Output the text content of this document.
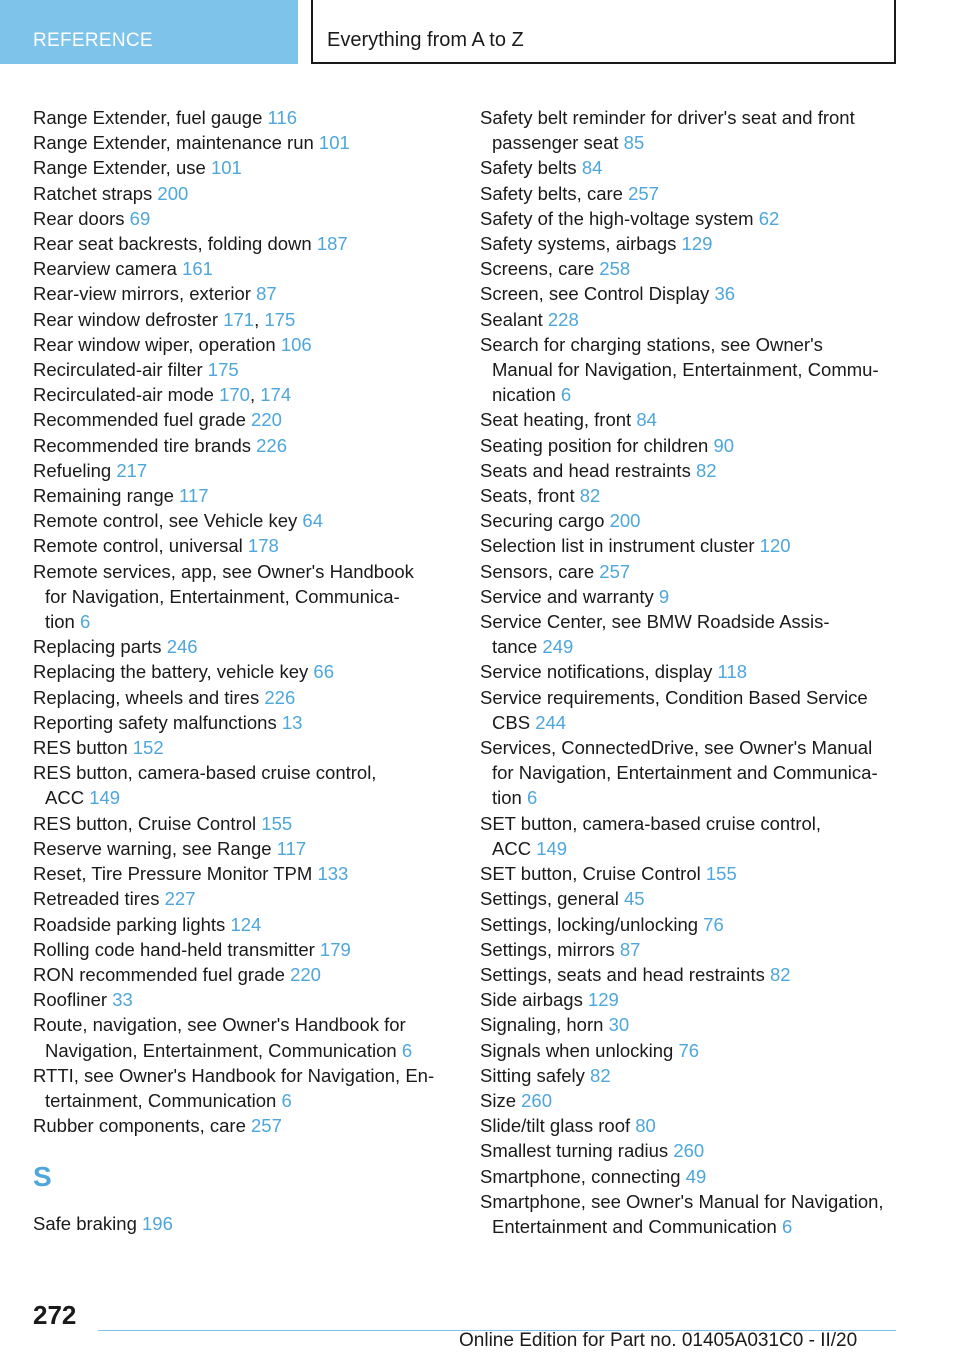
REFERENCE	Everything from A to Z
Range Extender, fuel gauge 116
Range Extender, maintenance run 101
Range Extender, use 101
Ratchet straps 200
Rear doors 69
Rear seat backrests, folding down 187
Rearview camera 161
Rear-view mirrors, exterior 87
Rear window defroster 171, 175
Rear window wiper, operation 106
Recirculated-air filter 175
Recirculated-air mode 170, 174
Recommended fuel grade 220
Recommended tire brands 226
Refueling 217
Remaining range 117
Remote control, see Vehicle key 64
Remote control, universal 178
Remote services, app, see Owner's Handbook
for Navigation, Entertainment, Communica-
tion 6
Replacing parts 246
Replacing the battery, vehicle key 66
Replacing, wheels and tires 226
Reporting safety malfunctions 13
RES button 152
RES button, camera-based cruise control,
ACC 149
RES button, Cruise Control 155
Reserve warning, see Range 117
Reset, Tire Pressure Monitor TPM 133
Retreaded tires 227
Roadside parking lights 124
Rolling code hand-held transmitter 179
RON recommended fuel grade 220
Roofliner 33
Route, navigation, see Owner's Handbook for
Navigation, Entertainment, Communication 6
RTTI, see Owner's Handbook for Navigation, En-
tertainment, Communication 6
Rubber components, care 257
S
Safe braking 196
Safety belt reminder for driver's seat and front
passenger seat 85
Safety belts 84
Safety belts, care 257
Safety of the high-voltage system 62
Safety systems, airbags 129
Screens, care 258
Screen, see Control Display 36
Sealant 228
Search for charging stations, see Owner's
Manual for Navigation, Entertainment, Commu-
nication 6
Seat heating, front 84
Seating position for children 90
Seats and head restraints 82
Seats, front 82
Securing cargo 200
Selection list in instrument cluster 120
Sensors, care 257
Service and warranty 9
Service Center, see BMW Roadside Assis-
tance 249
Service notifications, display 118
Service requirements, Condition Based Service
CBS 244
Services, ConnectedDrive, see Owner's Manual
for Navigation, Entertainment and Communica-
tion 6
SET button, camera-based cruise control,
ACC 149
SET button, Cruise Control 155
Settings, general 45
Settings, locking/unlocking 76
Settings, mirrors 87
Settings, seats and head restraints 82
Side airbags 129
Signaling, horn 30
Signals when unlocking 76
Sitting safely 82
Size 260
Slide/tilt glass roof 80
Smallest turning radius 260
Smartphone, connecting 49
Smartphone, see Owner's Manual for Navigation,
Entertainment and Communication 6
272
Online Edition for Part no. 01405A031C0 - II/20
